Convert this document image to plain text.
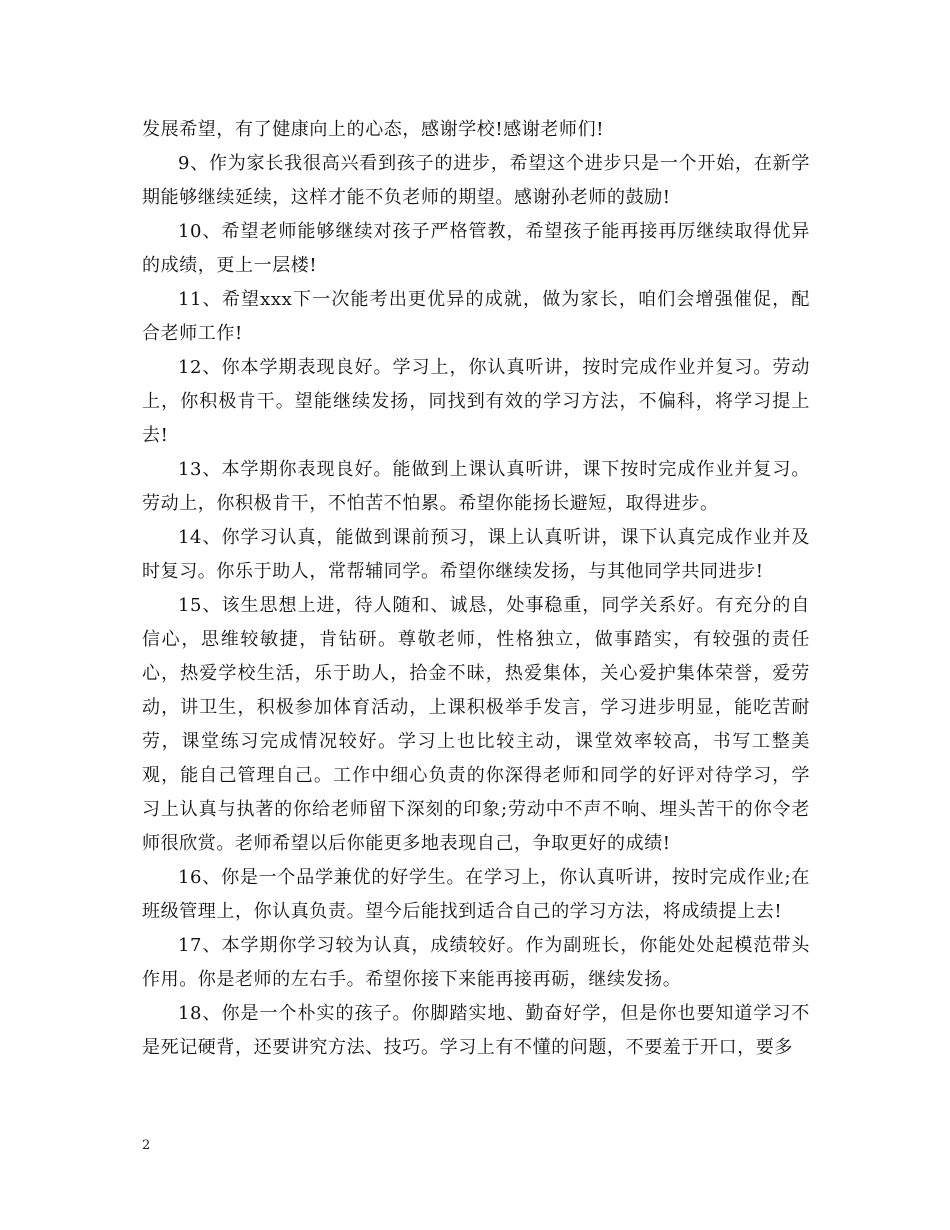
发展希望，有了健康向上的心态，感谢学校!感谢老师们!

9、作为家长我很高兴看到孩子的进步，希望这个进步只是一个开始，在新学期能够继续延续，这样才能不负老师的期望。感谢孙老师的鼓励!

10、希望老师能够继续对孩子严格管教，希望孩子能再接再厉继续取得优异的成绩，更上一层楼!

11、希望xxx下一次能考出更优异的成就，做为家长，咱们会增强催促，配合老师工作!

12、你本学期表现良好。学习上，你认真听讲，按时完成作业并复习。劳动上，你积极肯干。望能继续发扬，同找到有效的学习方法，不偏科，将学习提上去!

13、本学期你表现良好。能做到上课认真听讲，课下按时完成作业并复习。劳动上，你积极肯干，不怕苦不怕累。希望你能扬长避短，取得进步。

14、你学习认真，能做到课前预习，课上认真听讲，课下认真完成作业并及时复习。你乐于助人，常帮辅同学。希望你继续发扬，与其他同学共同进步!

15、该生思想上进，待人随和、诚恳，处事稳重，同学关系好。有充分的自信心，思维较敏捷，肯钻研。尊敬老师，性格独立，做事踏实，有较强的责任心，热爱学校生活，乐于助人，拾金不昧，热爱集体，关心爱护集体荣誉，爱劳动，讲卫生，积极参加体育活动，上课积极举手发言，学习进步明显，能吃苦耐劳，课堂练习完成情况较好。学习上也比较主动，课堂效率较高，书写工整美观，能自己管理自己。工作中细心负责的你深得老师和同学的好评对待学习，学习上认真与执著的你给老师留下深刻的印象;劳动中不声不响、埋头苦干的你令老师很欣赏。老师希望以后你能更多地表现自己，争取更好的成绩!

16、你是一个品学兼优的好学生。在学习上，你认真听讲，按时完成作业;在班级管理上，你认真负责。望今后能找到适合自己的学习方法，将成绩提上去!

17、本学期你学习较为认真，成绩较好。作为副班长，你能处处起模范带头作用。你是老师的左右手。希望你接下来能再接再砺，继续发扬。

18、你是一个朴实的孩子。你脚踏实地、勤奋好学，但是你也要知道学习不是死记硬背，还要讲究方法、技巧。学习上有不懂的问题，不要羞于开口，要多

2
